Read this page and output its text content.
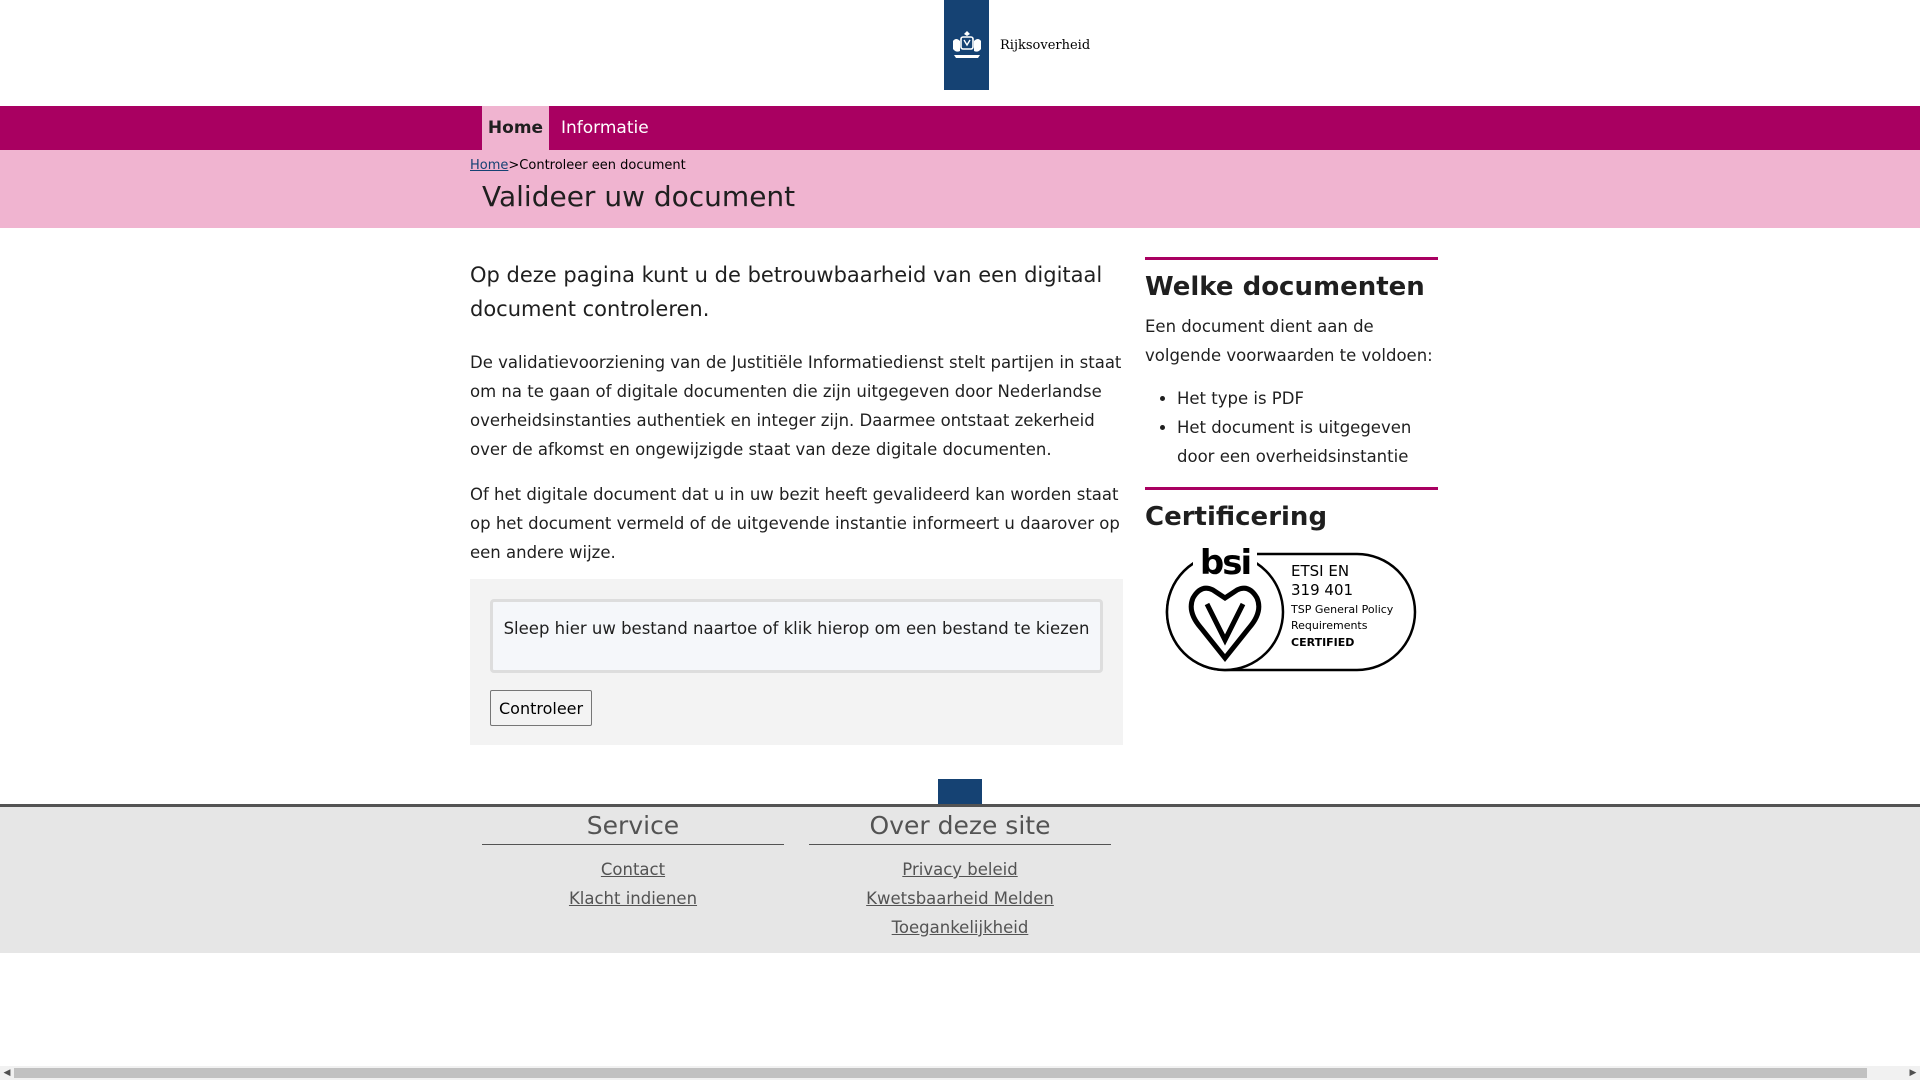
Rijksoverheid
Home	Informatie
Home>Controleer een document
Valideer uw document

Op deze pagina kunt u de betrouwbaarheid van een digitaal document controleren.

De validatievoorziening van de Justitiële Informatiedienst stelt partijen in staat om na te gaan of digitale documenten die zijn uitgegeven door Nederlandse overheidsinstanties authentiek en integer zijn. Daarmee ontstaat zekerheid over de afkomst en ongewijzigde staat van deze digitale documenten.

Of het digitale document dat u in uw bezit heeft gevalideerd kan worden staat op het document vermeld of de uitgevende instantie informeert u daarover op een andere wijze.

Sleep hier uw bestand naartoe of klik hierop om een bestand te kiezen
Controleer
Welke documenten

Een document dient aan de volgende voorwaarden te voldoen:

• Het type is PDF
• Het document is uitgegeven door een overheidsinstantie
Certificering
bsi	ETSI EN
319 401
TSP General Policy
Requirements
CERTIFIED
Service
Contact
Klacht indienen
Over deze site
Privacy beleid
Kwetsbaarheid Melden
Toegankelijkheid
◀	▶
